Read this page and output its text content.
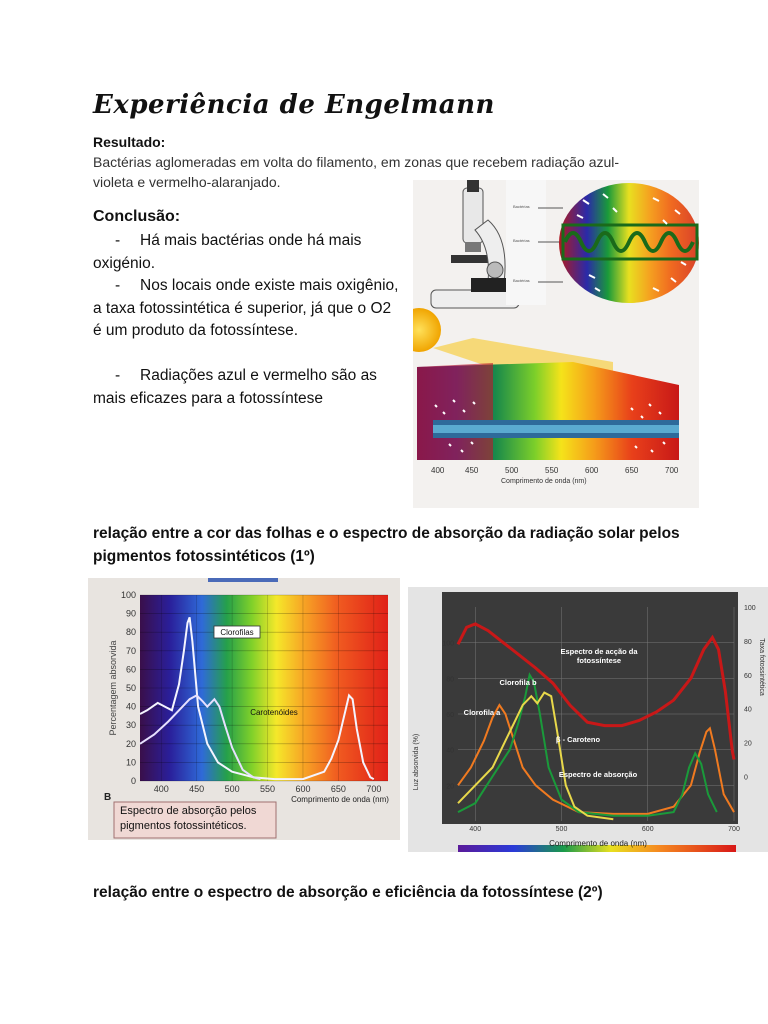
Experiência de Engelmann
Resultado:
Bactérias aglomeradas em volta do filamento, em zonas que recebem radiação azul-violeta e vermelho-alaranjado.
Conclusão:
- Há mais bactérias onde há mais oxigénio.
- Nos locais onde existe mais oxigênio, a taxa fotossintética é superior, já que o O2 é um produto da fotossíntese.
- Radiações azul e vermelho são as mais eficazes para a fotossíntese
Bactérias
Bactérias
Bactérias
400	450	500	550	600	650	700
Comprimento de onda (nm)
relação entre a cor das folhas e o espectro de absorção da radiação solar pelos pigmentos fotossintéticos (1º)
0
10
20
30
40
50
60
70
80
90
100
400 450 500 550 600 650 700
Percentagem absorvida
Comprimento de onda (nm)
Clorofilas
Carotenóides
B
Espectro de absorção pelos pigmentos fotossintéticos.
20
40
60
80
100
0
20
40
60
80
100
400	500	600	700
Luz absorvida (%)
Taxa fotossintética
Comprimento de onda (nm)
Espectro de acção da fotossíntese
Clorofila b
Clorofila a
β - Caroteno
Espectro de absorção
relação entre o espectro de absorção e eficiência da fotossíntese (2º)
